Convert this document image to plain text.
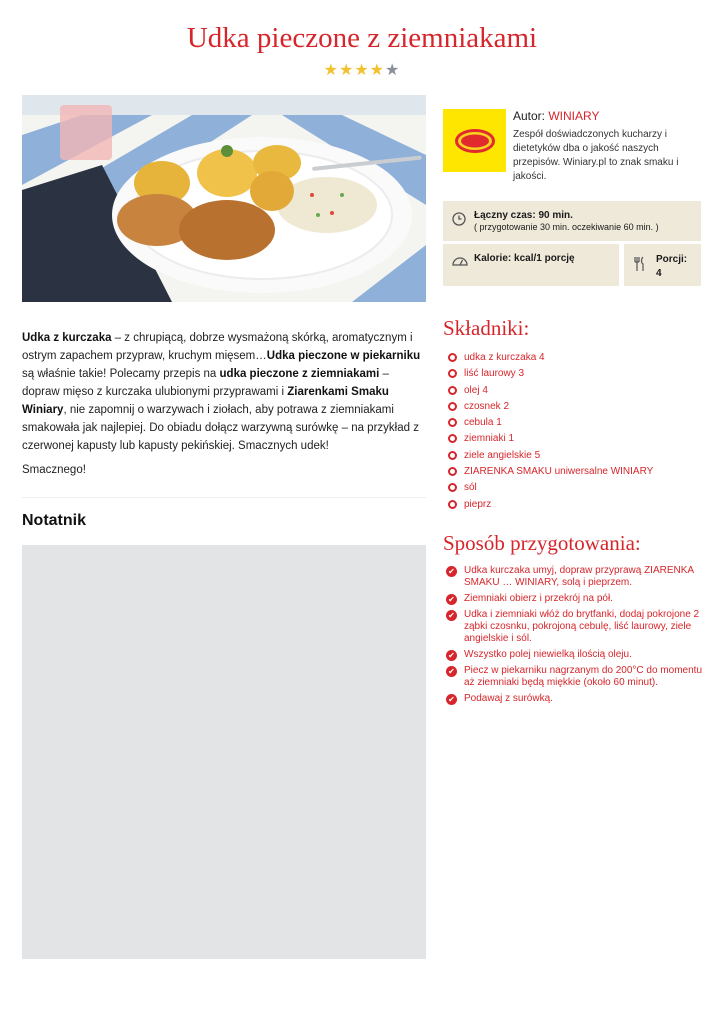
Udka pieczone z ziemniakami
★★★★★
Autor: WINIARY
Zespół doświadczonych kucharzy i dietetyków dba o jakość naszych przepisów. Winiary.pl to znak smaku i jakości.
Łączny czas: 90 min.
( przygotowanie 30 min. oczekiwanie 60 min. )
Kalorie: kcal/1 porcję	Porcji:
4
Udka z kurczaka – z chrupiącą, dobrze wysmażoną skórką, aromatycznym i ostrym zapachem przypraw, kruchym mięsem…Udka pieczone w piekarniku są właśnie takie! Polecamy przepis na udka pieczone z ziemniakami – dopraw mięso z kurczaka ulubionymi przyprawami i Ziarenkami Smaku Winiary, nie zapomnij o warzywach i ziołach, aby potrawa z ziemniakami smakowała jak najlepiej. Do obiadu dołącz warzywną surówkę – na przykład z czerwonej kapusty lub kapusty pekińskiej. Smacznych udek!
Smacznego!
Notatnik
Składniki:
udka z kurczaka 4
liść laurowy 3
olej 4
czosnek 2
cebula 1
ziemniaki 1
ziele angielskie 5
ZIARENKA SMAKU uniwersalne WINIARY
sól
pieprz
Sposób przygotowania:
✔ Udka kurczaka umyj, dopraw przyprawą ZIARENKA SMAKU … WINIARY, solą i pieprzem.
✔ Ziemniaki obierz i przekrój na pół.
✔ Udka i ziemniaki włóż do brytfanki, dodaj pokrojone 2 ząbki czosnku, pokrojoną cebulę, liść laurowy, ziele angielskie i sól.
✔ Wszystko polej niewielką ilością oleju.
✔ Piecz w piekarniku nagrzanym do 200°C do momentu aż ziemniaki będą miękkie (około 60 minut).
✔ Podawaj z surówką.
